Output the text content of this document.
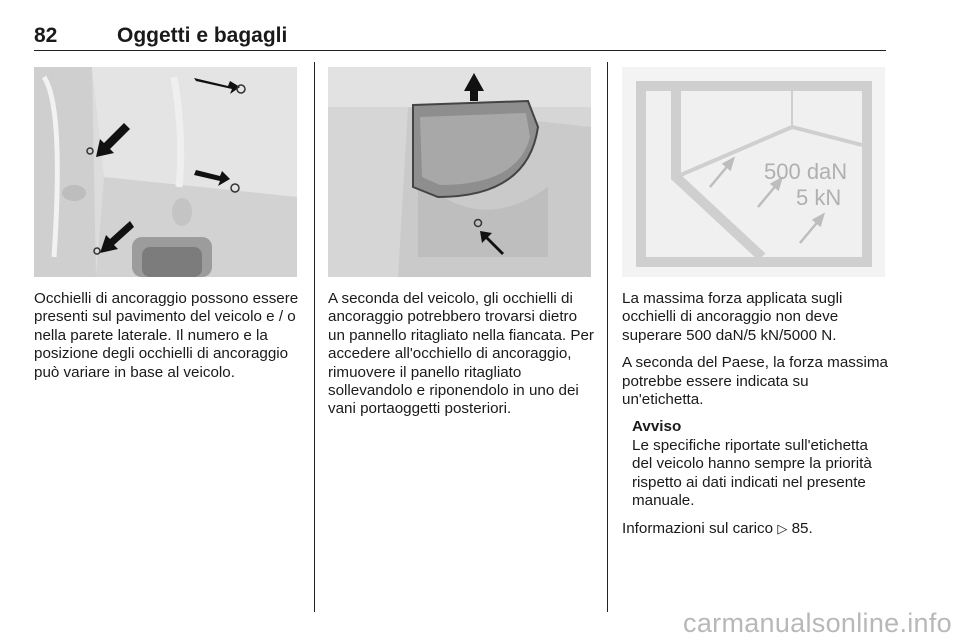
82	Oggetti e bagagli
500 daN
5 kN

Occhielli di ancoraggio possono essere presenti sul pavimento del veicolo e / o nella parete laterale. Il numero e la posizione degli occhielli di ancoraggio può variare in base al veicolo.

A seconda del veicolo, gli occhielli di ancoraggio potrebbero trovarsi dietro un pannello ritagliato nella fiancata. Per accedere all'occhiello di ancoraggio, rimuovere il panello ritagliato sollevandolo e riponendolo in uno dei vani portaoggetti posteriori.

La massima forza applicata sugli occhielli di ancoraggio non deve superare 500 daN/5 kN/5000 N.

A seconda del Paese, la forza massima potrebbe essere indicata su un'etichetta.

Avviso
Le specifiche riportate sull'etichetta del veicolo hanno sempre la priorità rispetto ai dati indicati nel presente manuale.

Informazioni sul carico ▷ 85.

carmanualsonline.info
